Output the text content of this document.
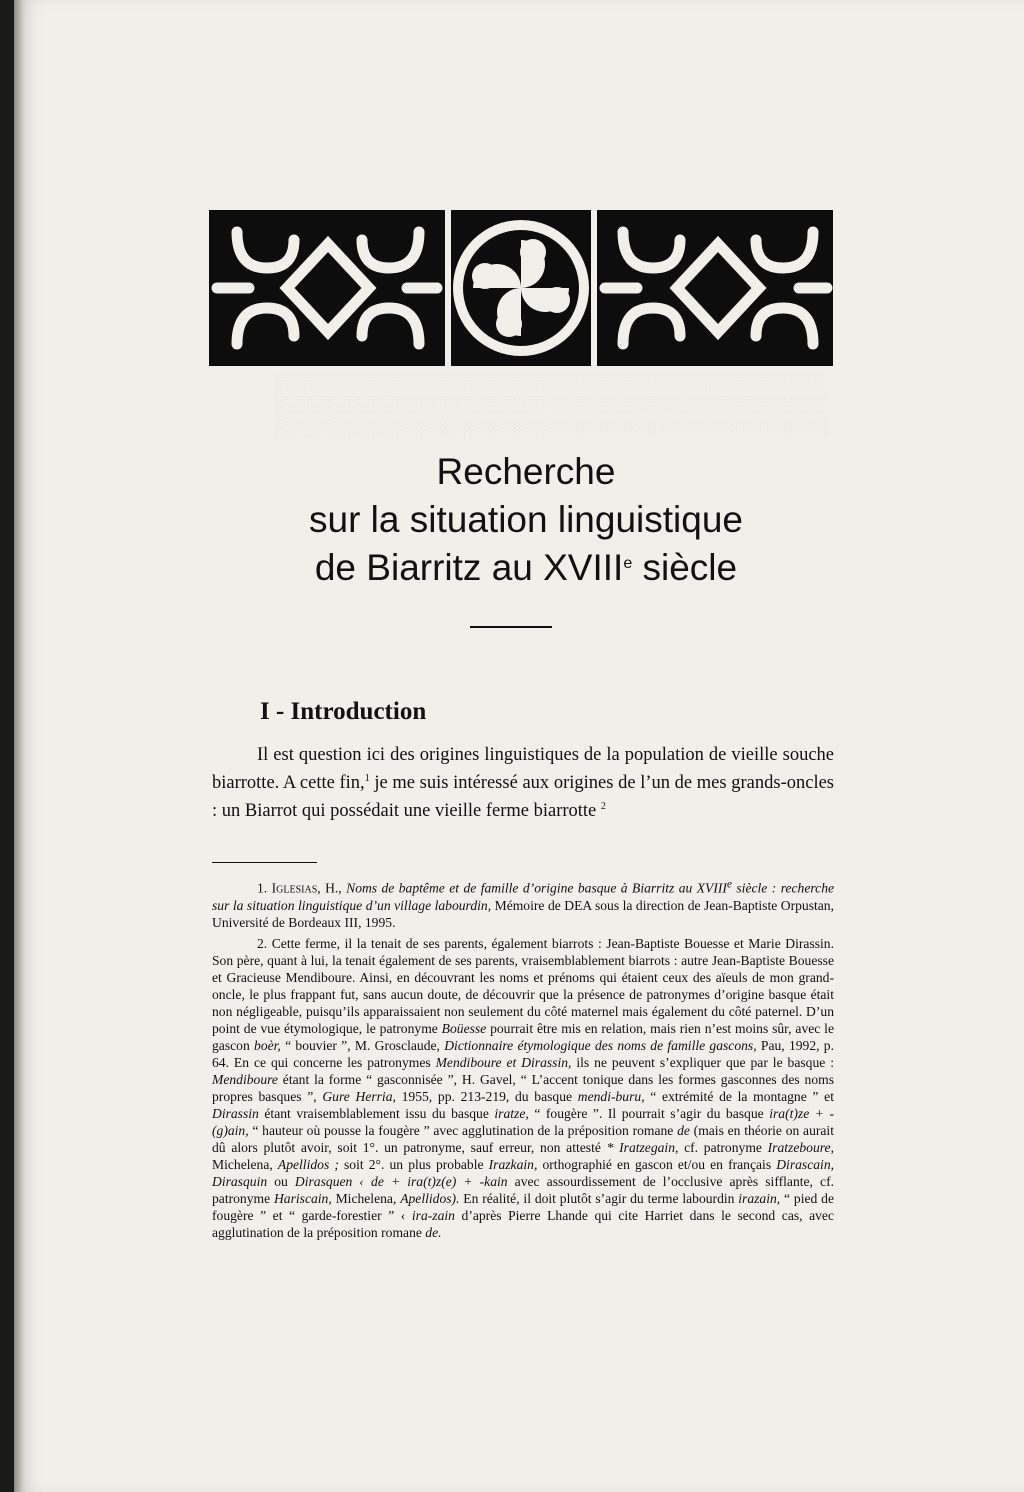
░░░░░░░░░░░░░░░░░░░░░░░░░░░░░░░░░░░░░░░░░░░░░░
░░░░░░░░░░░░░░░░░░░░░░░░░░░░░░░░░░░░░░░░░░░░░░
░░░░░░░░░░░░░░░░░░░░░░░░░░░░░░░░░░░░░░░░░░░░░░
Recherche
sur la situation linguistique
de Biarritz au XVIIIe siècle
I - Introduction

Il est question ici des origines linguistiques de la population de vieille souche biarrotte. A cette fin,$^1$ je me suis intéressé aux origines de l’un de mes grands-oncles : un Biarrot qui possédait une vieille ferme biarrotte $^2$

1. Iglesias, H., Noms de baptême et de famille d’origine basque à Biarritz au XVIIIe siècle : recherche sur la situation linguistique d’un village labourdin, Mémoire de DEA sous la direction de Jean-Baptiste Orpustan, Université de Bordeaux III, 1995.

2. Cette ferme, il la tenait de ses parents, également biarrots : Jean-Baptiste Bouesse et Marie Dirassin. Son père, quant à lui, la tenait également de ses parents, vraisemblablement biarrots : autre Jean-Baptiste Bouesse et Gracieuse Mendiboure. Ainsi, en découvrant les noms et prénoms qui étaient ceux des aïeuls de mon grand-oncle, le plus frappant fut, sans aucun doute, de découvrir que la présence de patronymes d’origine basque était non négligeable, puisqu’ils apparaissaient non seulement du côté maternel mais également du côté paternel. D’un point de vue étymologique, le patronyme Boüesse pourrait être mis en relation, mais rien n’est moins sûr, avec le gascon boèr, “ bouvier ”, M. Grosclaude, Dictionnaire étymologique des noms de famille gascons, Pau, 1992, p. 64. En ce qui concerne les patronymes Mendiboure et Dirassin, ils ne peuvent s’expliquer que par le basque : Mendiboure étant la forme “ gasconnisée ”, H. Gavel, “ L’accent tonique dans les formes gasconnes des noms propres basques ”, Gure Herria, 1955, pp. 213-219, du basque mendi-buru, “ extrémité de la montagne ” et Dirassin étant vraisemblablement issu du basque iratze, “ fougère ”. Il pourrait s’agir du basque ira(t)ze + -(g)ain, “ hauteur où pousse la fougère ” avec agglutination de la préposition romane de (mais en théorie on aurait dû alors plutôt avoir, soit 1°. un patronyme, sauf erreur, non attesté * Iratzegain, cf. patronyme Iratzeboure, Michelena, Apellidos ; soit 2°. un plus probable Irazkain, orthographié en gascon et/ou en français Dirascain, Dirasquin ou Dirasquen ‹ de + ira(t)z(e) + -kain avec assourdissement de l’occlusive après sifflante, cf. patronyme Hariscain, Michelena, Apellidos). En réalité, il doit plutôt s’agir du terme labourdin irazain, “ pied de fougère ” et “ garde-forestier ” ‹ ira-zain d’après Pierre Lhande qui cite Harriet dans le second cas, avec agglutination de la préposition romane de.
